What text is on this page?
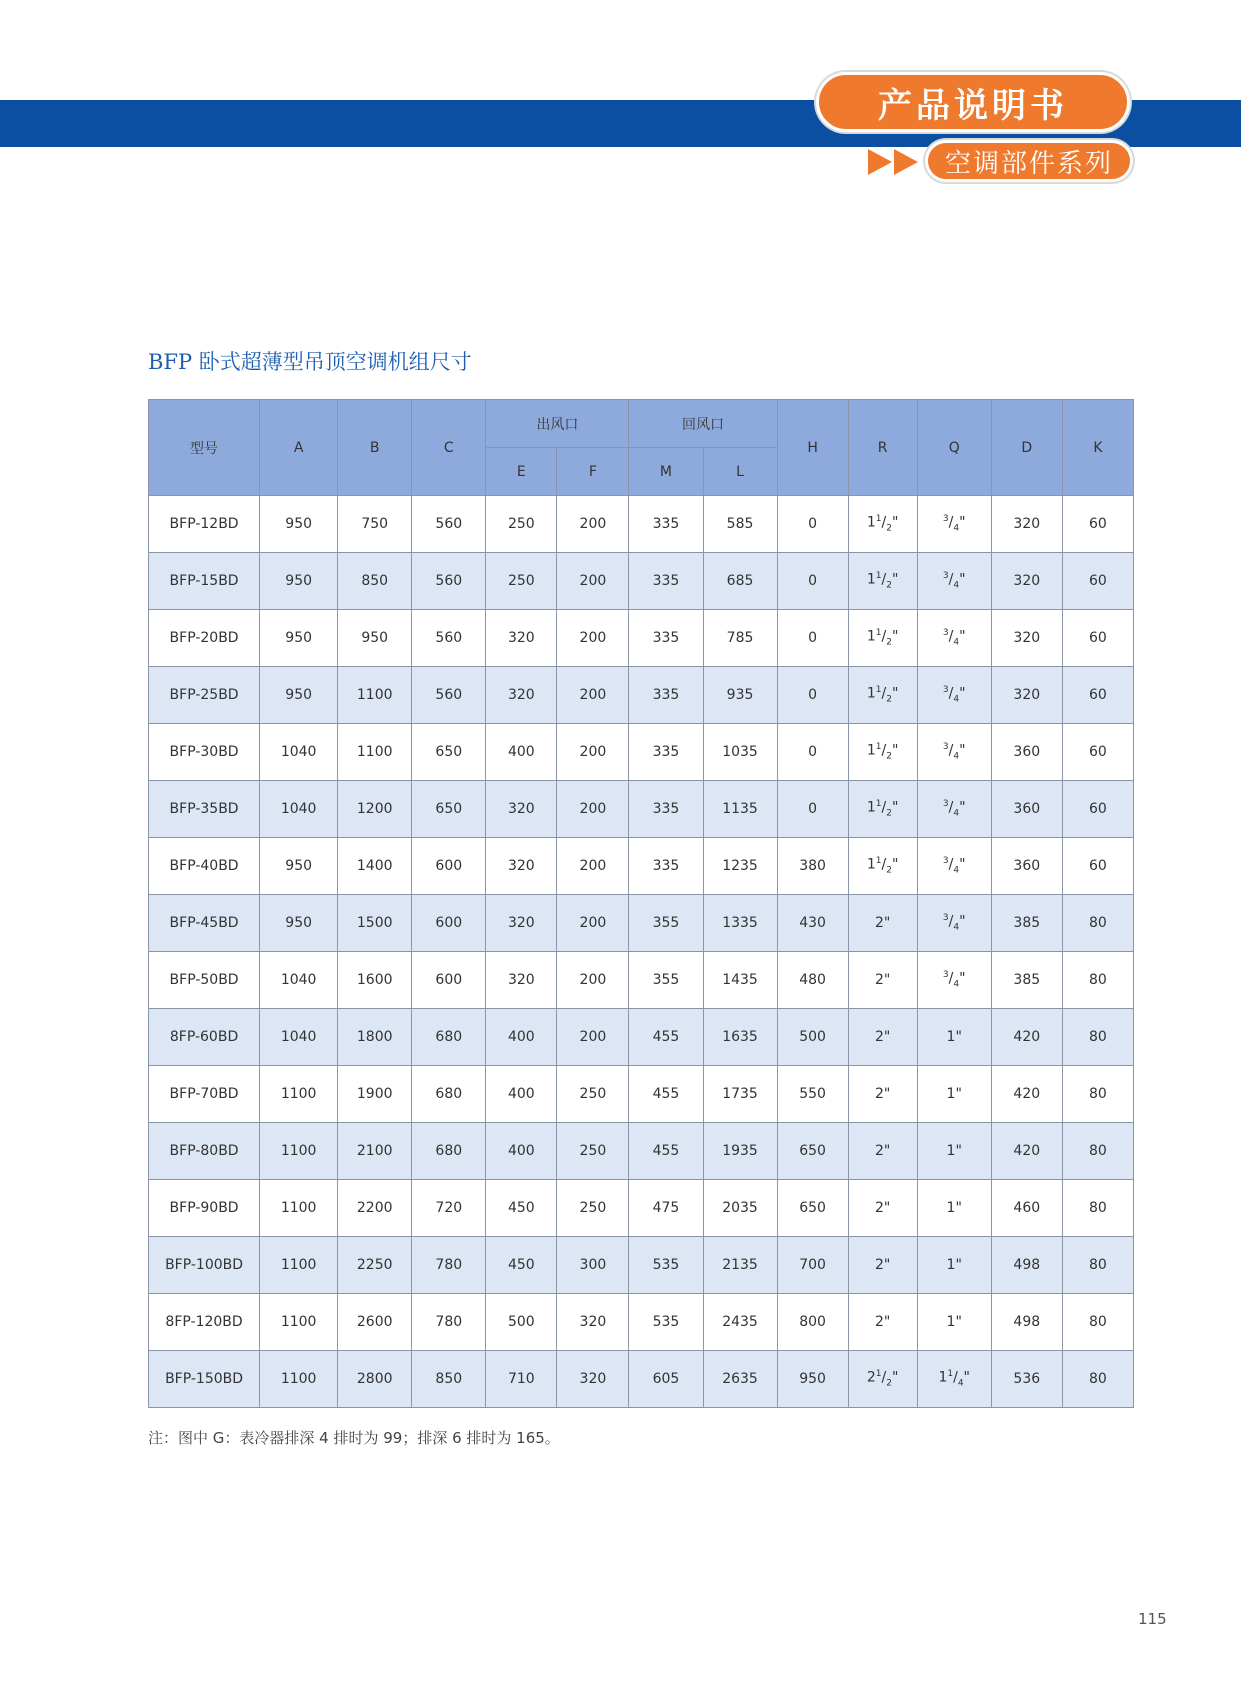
产品说明书
空调部件系列
BFP 卧式超薄型吊顶空调机组尺寸
型号	A	B	C	出风口		回风口		H	R	Q	D	K
				E	F	M	L					
BFP-12BD	950	750	560	250	200	335	585	0	$1^1/_2$"	$^3/_4$"	320	60
BFP-15BD	950	850	560	250	200	335	685	0	$1^1/_2$"	$^3/_4$"	320	60
BFP-20BD	950	950	560	320	200	335	785	0	$1^1/_2$"	$^3/_4$"	320	60
BFP-25BD	950	1100	560	320	200	335	935	0	$1^1/_2$"	$^3/_4$"	320	60
BFP-30BD	1040	1100	650	400	200	335	1035	0	$1^1/_2$"	$^3/_4$"	360	60
BFP-35BD	1040	1200	650	320	200	335	1135	0	$1^1/_2$"	$^3/_4$"	360	60
BFP-40BD	950	1400	600	320	200	335	1235	380	$1^1/_2$"	$^3/_4$"	360	60
BFP-45BD	950	1500	600	320	200	355	1335	430	2"	$^3/_4$"	385	80
BFP-50BD	1040	1600	600	320	200	355	1435	480	2"	$^3/_4$"	385	80
8FP-60BD	1040	1800	680	400	200	455	1635	500	2"	1"	420	80
BFP-70BD	1100	1900	680	400	250	455	1735	550	2"	1"	420	80
BFP-80BD	1100	2100	680	400	250	455	1935	650	2"	1"	420	80
BFP-90BD	1100	2200	720	450	250	475	2035	650	2"	1"	460	80
BFP-100BD	1100	2250	780	450	300	535	2135	700	2"	1"	498	80
8FP-120BD	1100	2600	780	500	320	535	2435	800	2"	1"	498	80
BFP-150BD	1100	2800	850	710	320	605	2635	950	$2^1/_2$"	$1^1/_4$"	536	80
注：图中 G：表冷器排深 4 排时为 99；排深 6 排时为 165。
115
